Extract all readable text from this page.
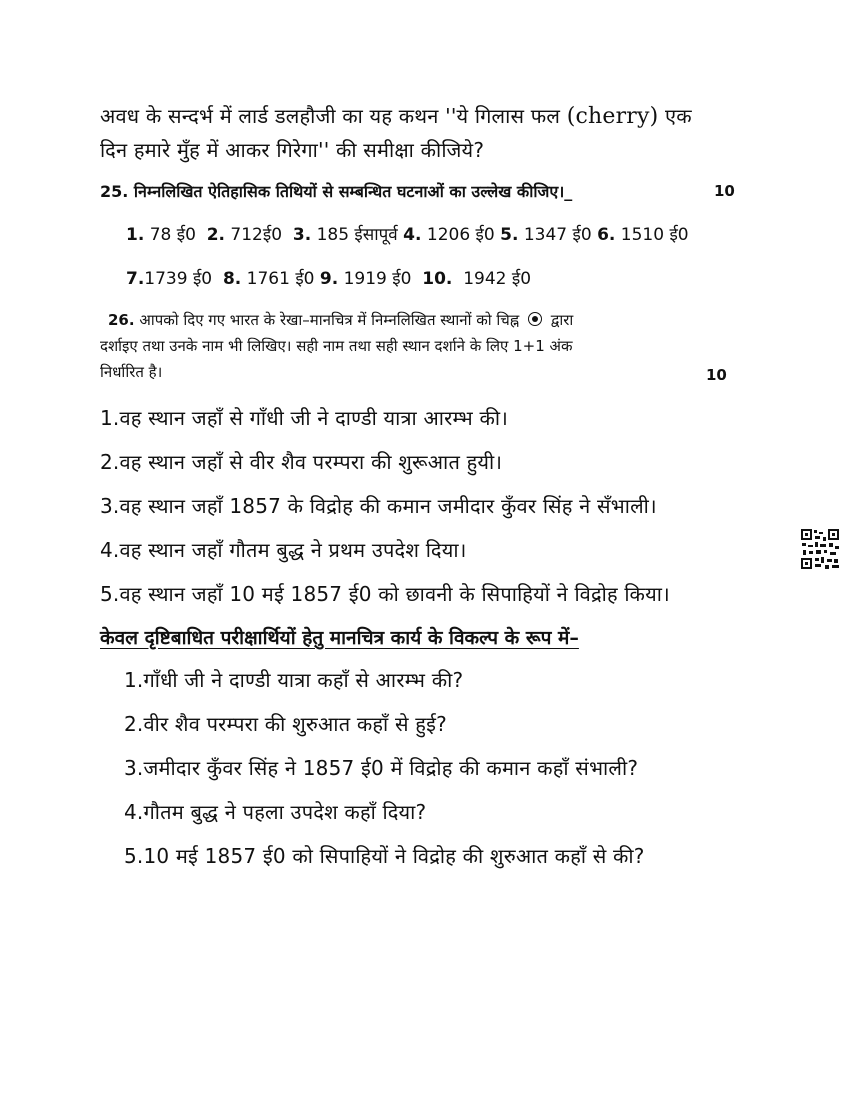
अवध के सन्दर्भ में लार्ड डलहौजी का यह कथन ''ये गिलास फल (cherry) एक
दिन हमारे मुँह में आकर गिरेगा'' की समीक्षा कीजिये?
25. निम्नलिखित ऐतिहासिक तिथियों से सम्बन्धित घटनाओं का उल्लेख कीजिए।_	10
1. 78 ई0 2. 712ई0 3. 185 ईसापूर्व 4. 1206 ई0 5. 1347 ई0 6. 1510 ई0
7.1739 ई0 8. 1761 ई0 9. 1919 ई0 10. 1942 ई0
26. आपको दिए गए भारत के रेखा–मानचित्र में निम्नलिखित स्थानों को चिह्न द्वारा
दर्शाइए तथा उनके नाम भी लिखिए। सही नाम तथा सही स्थान दर्शाने के लिए 1+1 अंक
निर्धारित है।	10
1.वह स्थान जहाँ से गाँधी जी ने दाण्डी यात्रा आरम्भ की।
2.वह स्थान जहाँ से वीर शैव परम्परा की शुरूआत हुयी।
3.वह स्थान जहाँ 1857 के विद्रोह की कमान जमीदार कुँवर सिंह ने सँभाली।
4.वह स्थान जहाँ गौतम बुद्ध ने प्रथम उपदेश दिया।
5.वह स्थान जहाँ 10 मई 1857 ई0 को छावनी के सिपाहियों ने विद्रोह किया।
केवल दृष्टिबाधित परीक्षार्थियों हेतु मानचित्र कार्य के विकल्प के रूप में–
1.गाँधी जी ने दाण्डी यात्रा कहाँ से आरम्भ की?
2.वीर शैव परम्परा की शुरुआत कहाँ से हुई?
3.जमीदार कुँवर सिंह ने 1857 ई0 में विद्रोह की कमान कहाँ संभाली?
4.गौतम बुद्ध ने पहला उपदेश कहाँ दिया?
5.10 मई 1857 ई0 को सिपाहियों ने विद्रोह की शुरुआत कहाँ से की?
